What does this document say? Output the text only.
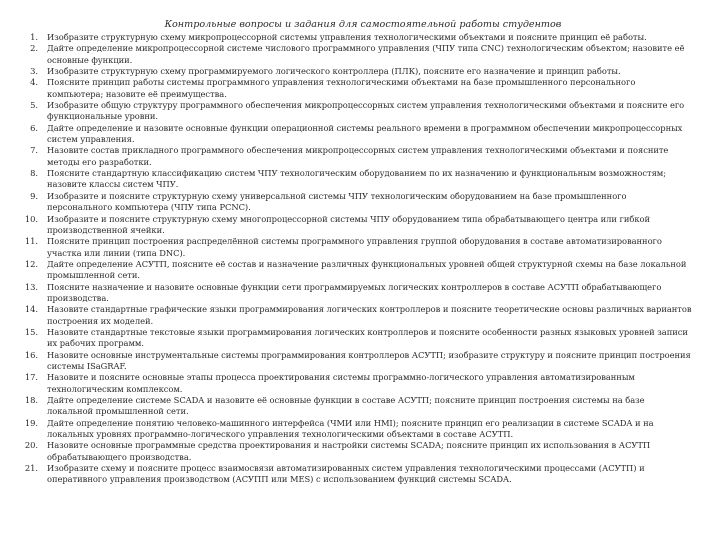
Контрольные вопросы и задания для самостоятельной работы студентов
1.	Изобразите структурную схему микропроцессорной системы управления технологическими объектами и поясните принцип её работы.
2.	Дайте определение микропроцессорной системе числового программного управления (ЧПУ типа CNC) технологическим объектом; назовите её основные функции.
3.	Изобразите структурную схему программируемого логического контроллера (ПЛК), поясните его назначение и принцип работы.
4.	Поясните принцип работы системы программного управления технологическими объектами на базе промышленного персонального компьютера; назовите её преимущества.
5.	Изобразите общую структуру программного обеспечения микропроцессорных систем управления технологическими объектами и поясните его функциональные уровни.
6.	Дайте определение и назовите основные функции операционной системы реального времени в программном обеспечении микропроцессорных систем управления.
7.	Назовите состав прикладного программного обеспечения микропроцессорных систем управления технологическими объектами и поясните методы его разработки.
8.	Поясните стандартную классификацию систем ЧПУ технологическим оборудованием по их назначению и функциональным возможностям; назовите классы систем ЧПУ.
9.	Изобразите и поясните структурную схему универсальной системы ЧПУ технологическим оборудованием на базе промышленного персонального компьютера (ЧПУ типа PCNC).
10.	Изобразите и поясните структурную схему многопроцессорной системы ЧПУ оборудованием типа обрабатывающего центра или гибкой производственной ячейки.
11.	Поясните принцип построения распределённой системы программного управления группой оборудования в составе автоматизированного участка или линии (типа DNC).
12.	Дайте определение АСУТП, поясните её состав и назначение различных функциональных уровней общей структурной схемы на базе локальной промышленной сети.
13.	Поясните назначение и назовите основные функции сети программируемых логических контроллеров в составе АСУТП обрабатывающего производства.
14.	Назовите стандартные графические языки программирования логических контроллеров и поясните теоретические основы различных вариантов построения их моделей.
15.	Назовите стандартные текстовые языки программирования логических контроллеров и поясните особенности разных языковых уровней записи их рабочих программ.
16.	Назовите основные инструментальные системы программирования контроллеров АСУТП; изобразите структуру и поясните принцип построения системы ISaGRAF.
17.	Назовите и поясните основные этапы процесса проектирования системы программно-логического управления автоматизированным технологическим комплексом.
18.	Дайте определение системе SCADA и назовите её основные функции в составе АСУТП; поясните принцип построения системы на базе локальной промышленной сети.
19.	Дайте определение понятию человеко-машинного интерфейса (ЧМИ или HMI); поясните принцип его реализации в системе SCADA и на локальных уровнях программно-логического управления технологическими объектами в составе АСУТП.
20.	Назовите основные программные средства проектирования и настройки системы SCADA; поясните принцип их использования в АСУТП обрабатывающего производства.
21.	Изобразите схему и поясните процесс взаимосвязи автоматизированных систем управления технологическими процессами (АСУТП) и оперативного управления производством (АСУПП или MES) с использованием функций системы SCADA.
